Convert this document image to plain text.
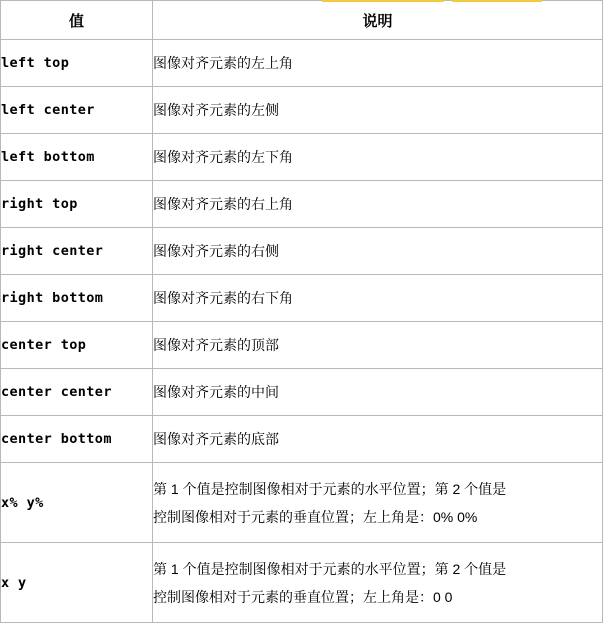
值	说明
left top	图像对齐元素的左上角

left center	图像对齐元素的左侧

left bottom	图像对齐元素的左下角

right top	图像对齐元素的右上角

right center	图像对齐元素的右侧

right bottom	图像对齐元素的右下角

center top	图像对齐元素的顶部

center center	图像对齐元素的中间

center bottom	图像对齐元素的底部

x% y%	第 1 个值是控制图像相对于元素的水平位置；第 2 个值是
控制图像相对于元素的垂直位置；左上角是：0% 0%

x y	第 1 个值是控制图像相对于元素的水平位置；第 2 个值是
控制图像相对于元素的垂直位置；左上角是：0 0
